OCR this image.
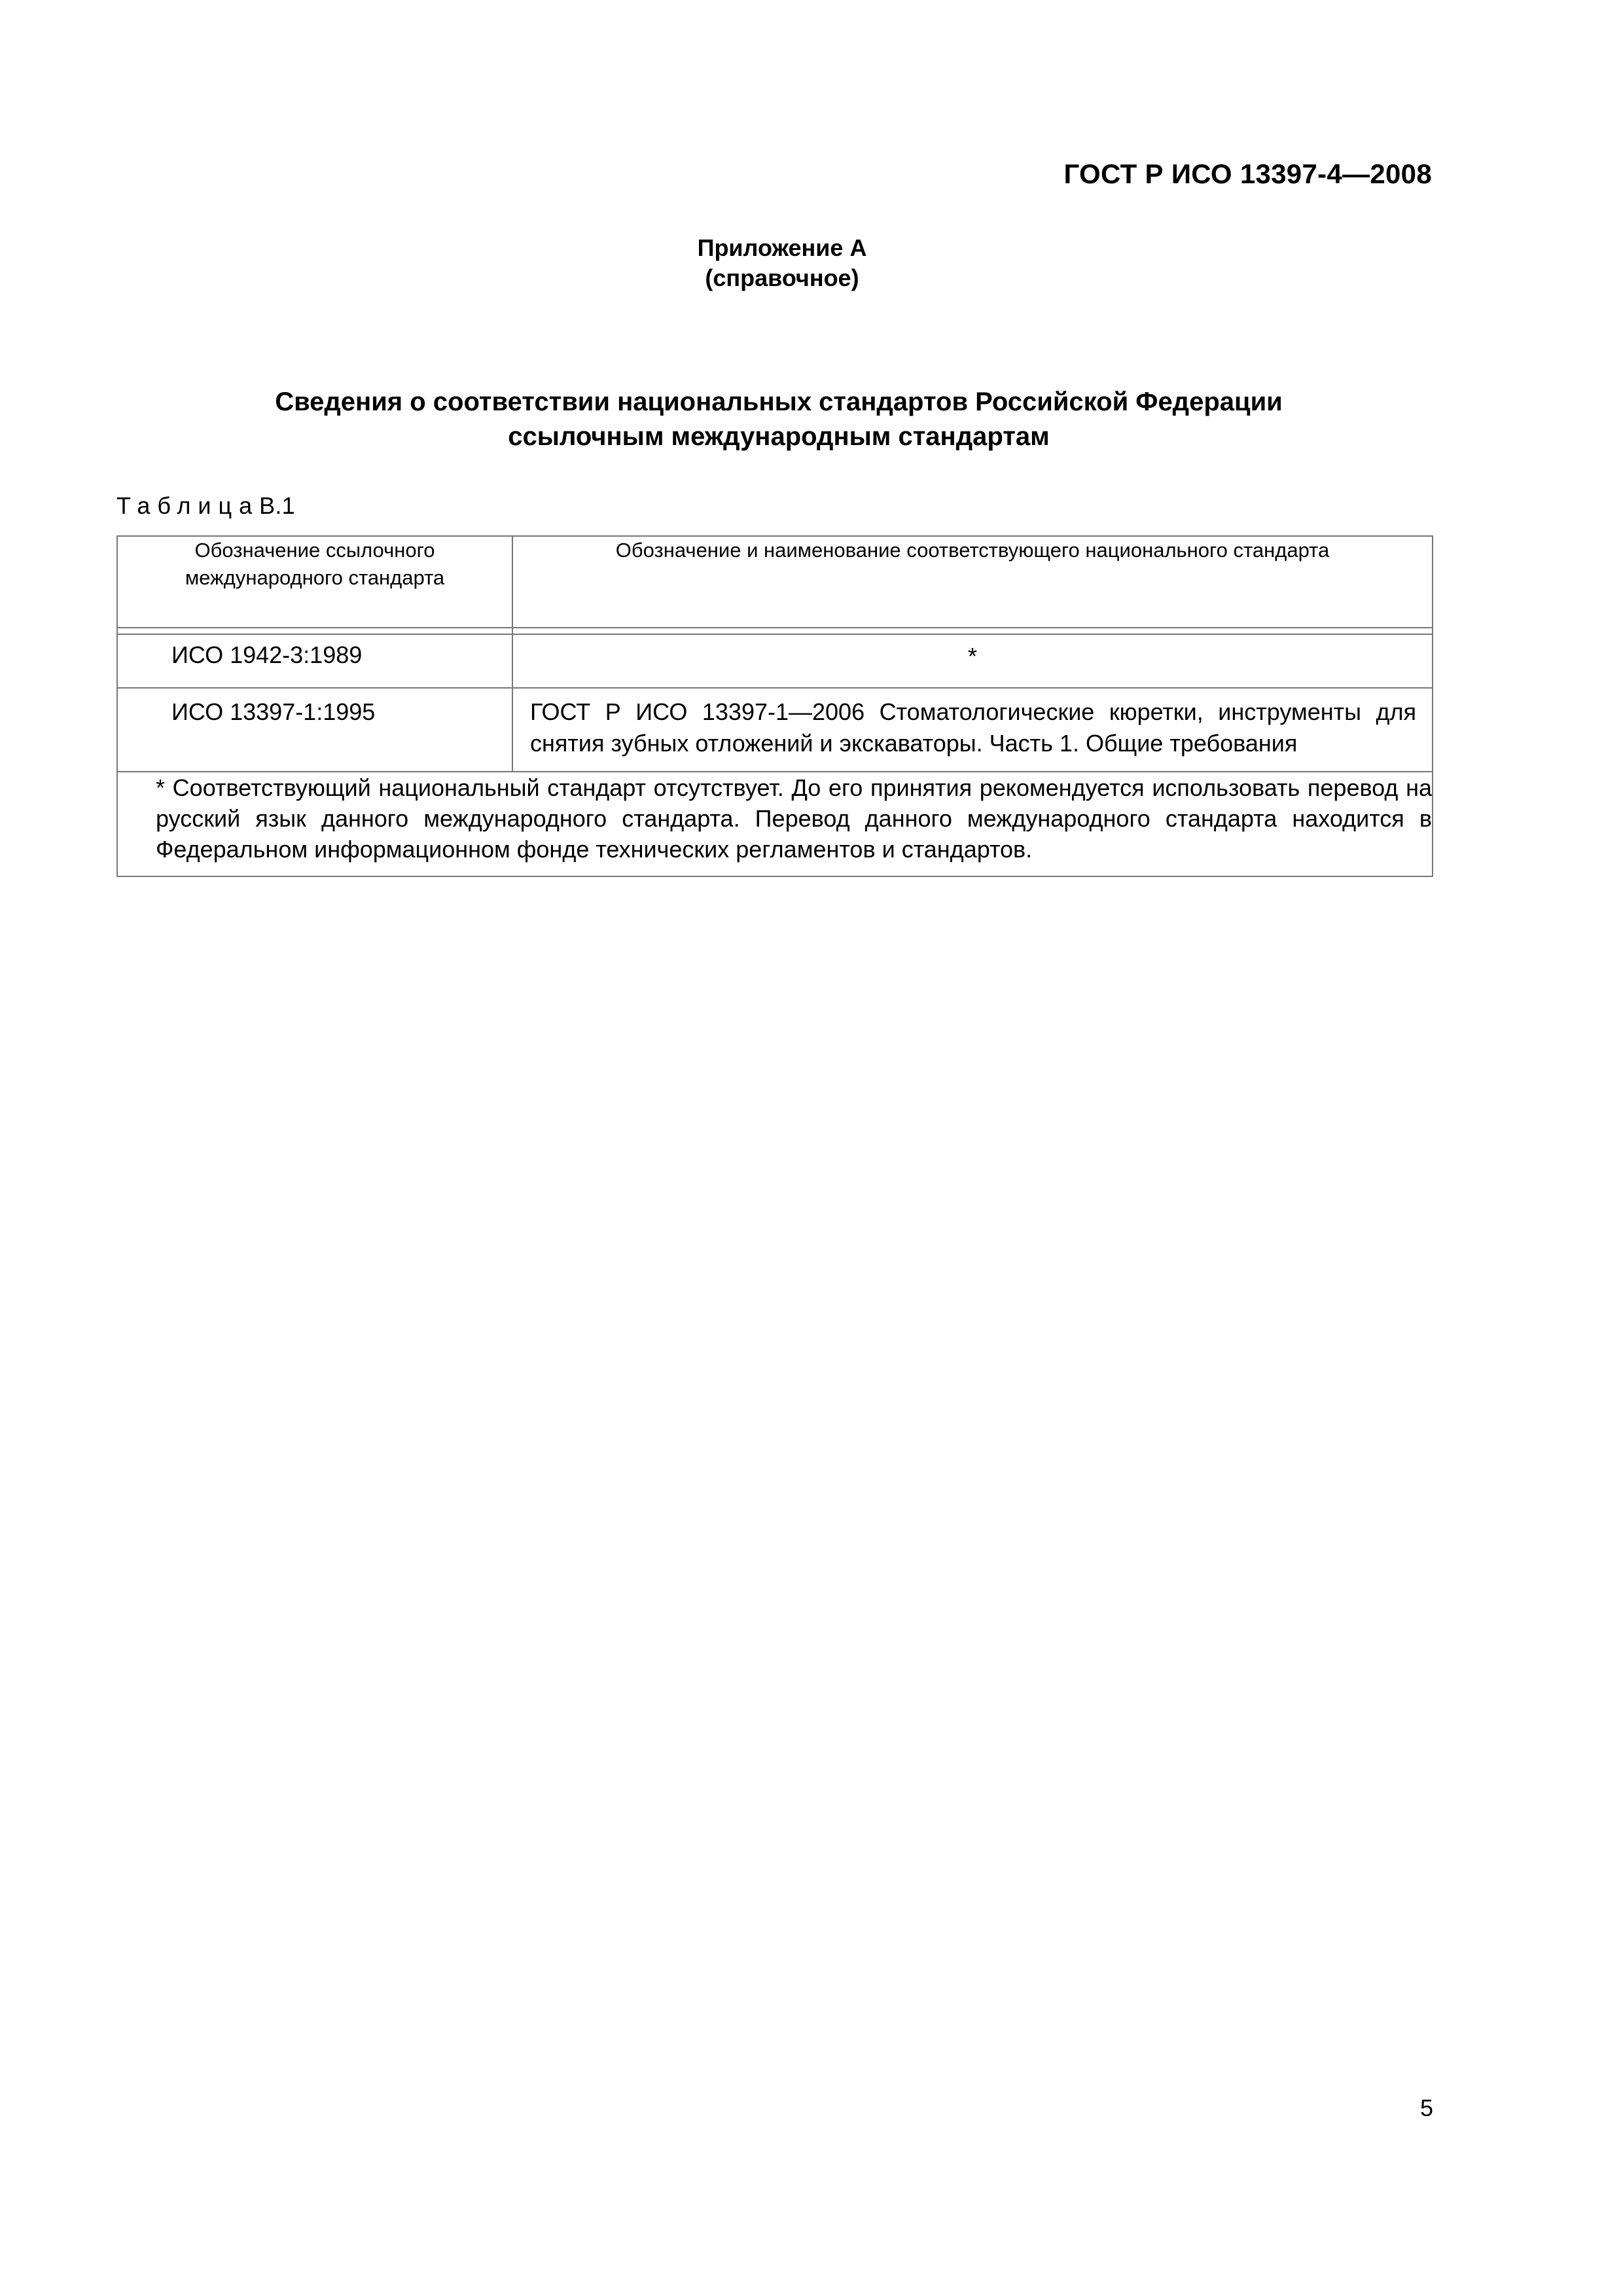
ГОСТ Р ИСО 13397-4—2008
Приложение А
(справочное)
Сведения о соответствии национальных стандартов Российской Федерации
ссылочным международным стандартам
ТаблицаВ.1
Обозначение ссылочного международного стандарта	Обозначение и наименование соответствующего национального стандарта

ИСО 1942-3:1989	*
ИСО 13397-1:1995	ГОСТ Р ИСО 13397-1—2006 Стоматологические кюретки, инструменты для снятия зубных отложений и экскаваторы. Часть 1. Общие требования

* Соответствующий национальный стандарт отсутствует. До его принятия рекомендуется использовать перевод на русский язык данного международного стандарта. Перевод данного международного стандарта находится в Федеральном информационном фонде технических регламентов и стандартов.	
5
